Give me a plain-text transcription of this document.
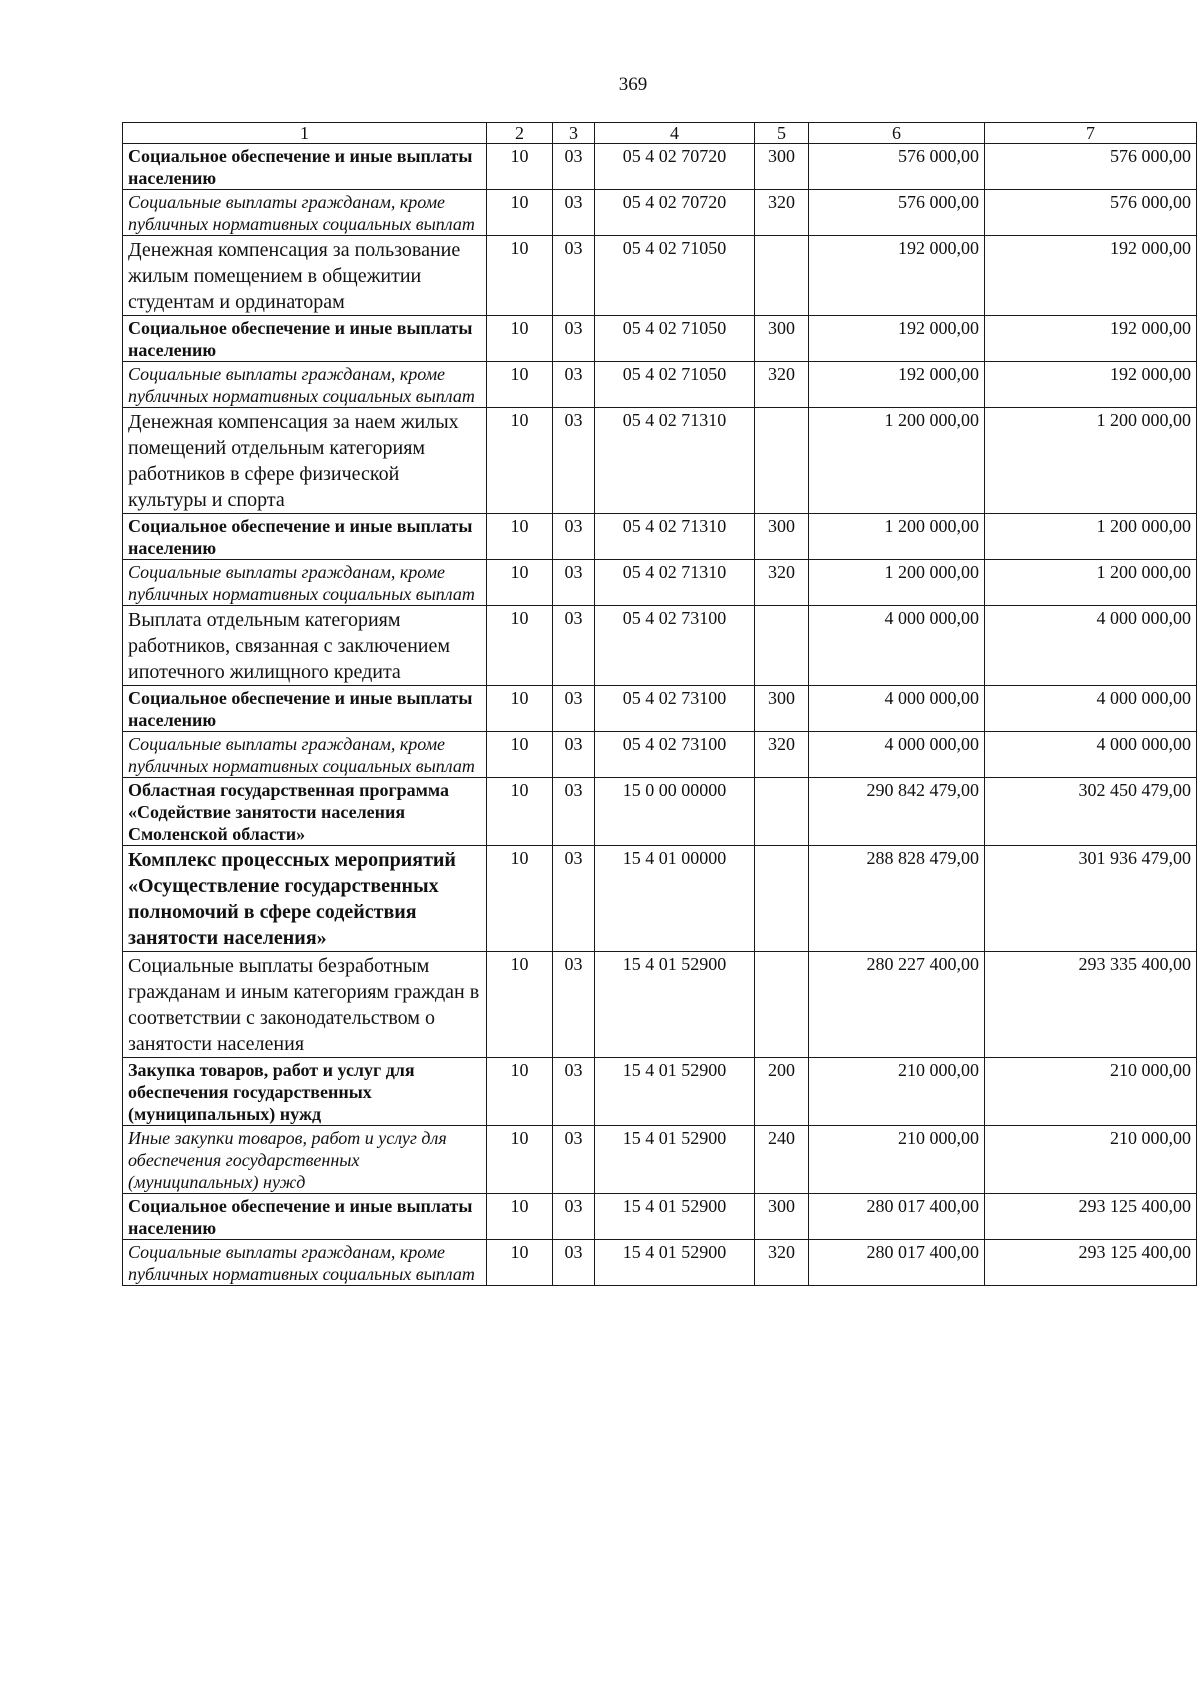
369
1	2	3	4	5	6	7
Социальное обеспечение и иные выплаты населению	10	03	05 4 02 70720	300	576 000,00	576 000,00
Социальные выплаты гражданам, кроме публичных нормативных социальных выплат	10	03	05 4 02 70720	320	576 000,00	576 000,00
Денежная компенсация за пользование жилым помещением в общежитии студентам и ординаторам	10	03	05 4 02 71050		192 000,00	192 000,00
Социальное обеспечение и иные выплаты населению	10	03	05 4 02 71050	300	192 000,00	192 000,00
Социальные выплаты гражданам, кроме публичных нормативных социальных выплат	10	03	05 4 02 71050	320	192 000,00	192 000,00
Денежная компенсация за наем жилых помещений отдельным категориям работников в сфере физической культуры и спорта	10	03	05 4 02 71310		1 200 000,00	1 200 000,00
Социальное обеспечение и иные выплаты населению	10	03	05 4 02 71310	300	1 200 000,00	1 200 000,00
Социальные выплаты гражданам, кроме публичных нормативных социальных выплат	10	03	05 4 02 71310	320	1 200 000,00	1 200 000,00
Выплата отдельным категориям работников, связанная с заключением ипотечного жилищного кредита	10	03	05 4 02 73100		4 000 000,00	4 000 000,00
Социальное обеспечение и иные выплаты населению	10	03	05 4 02 73100	300	4 000 000,00	4 000 000,00
Социальные выплаты гражданам, кроме публичных нормативных социальных выплат	10	03	05 4 02 73100	320	4 000 000,00	4 000 000,00
Областная государственная программа «Содействие занятости населения Смоленской области»	10	03	15 0 00 00000		290 842 479,00	302 450 479,00
Комплекс процессных мероприятий «Осуществление государственных полномочий в сфере содействия занятости населения»	10	03	15 4 01 00000		288 828 479,00	301 936 479,00
Социальные выплаты безработным гражданам и иным категориям граждан в соответствии с законодательством о занятости населения	10	03	15 4 01 52900		280 227 400,00	293 335 400,00
Закупка товаров, работ и услуг для обеспечения государственных (муниципальных) нужд	10	03	15 4 01 52900	200	210 000,00	210 000,00
Иные закупки товаров, работ и услуг для обеспечения государственных (муниципальных) нужд	10	03	15 4 01 52900	240	210 000,00	210 000,00
Социальное обеспечение и иные выплаты населению	10	03	15 4 01 52900	300	280 017 400,00	293 125 400,00
Социальные выплаты гражданам, кроме публичных нормативных социальных выплат	10	03	15 4 01 52900	320	280 017 400,00	293 125 400,00
